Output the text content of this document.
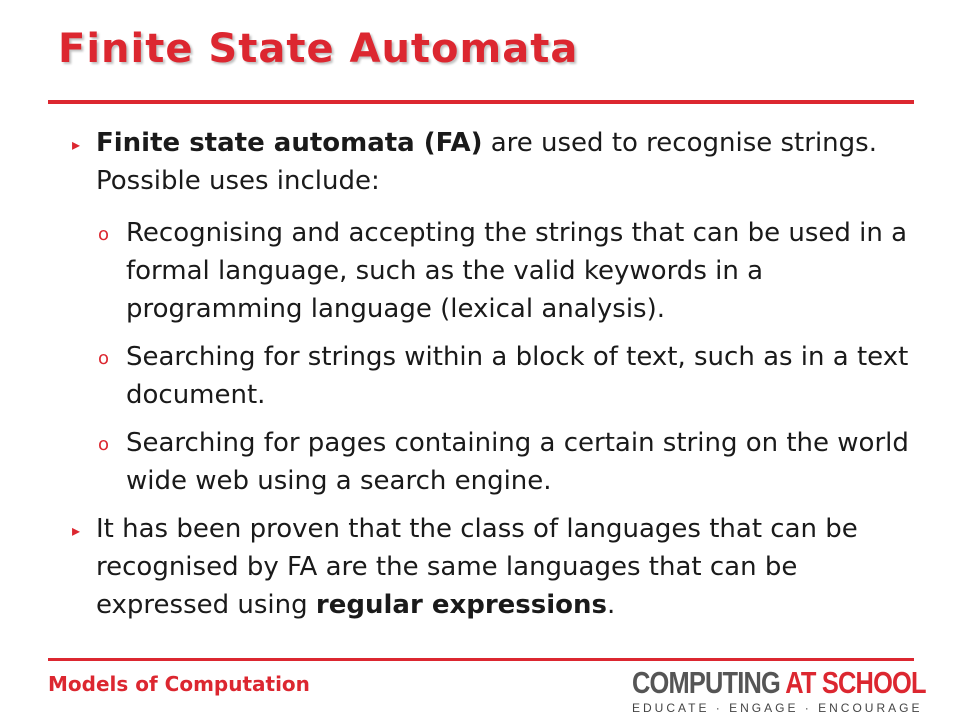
Finite State Automata
▸ Finite state automata (FA) are used to recognise strings. Possible uses include:
o Recognising and accepting the strings that can be used in a formal language, such as the valid keywords in a programming language (lexical analysis).
o Searching for strings within a block of text, such as in a text document.
o Searching for pages containing a certain string on the world wide web using a search engine.
▸ It has been proven that the class of languages that can be recognised by FA are the same languages that can be expressed using regular expressions.
Models of Computation	COMPUTING AT SCHOOL
EDUCATE · ENGAGE · ENCOURAGE
